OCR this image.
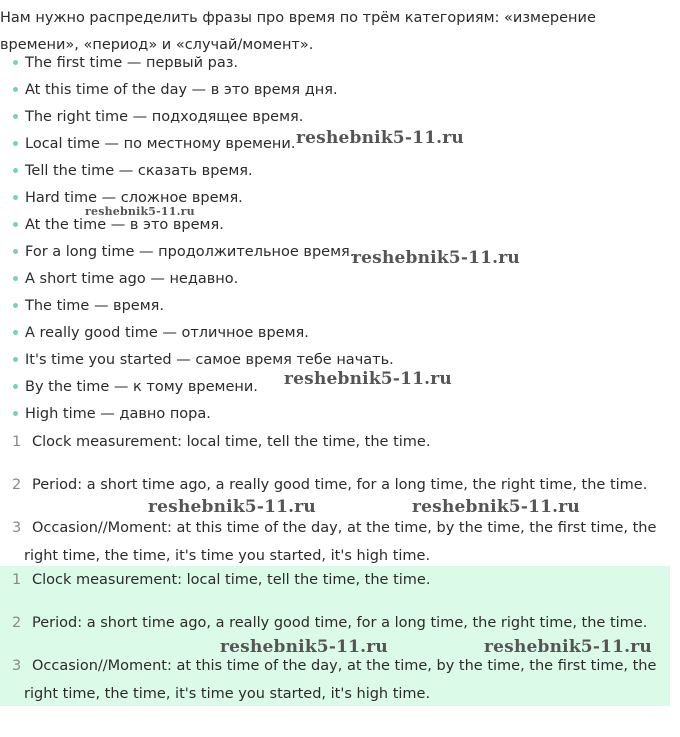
Нам нужно распределить фразы про время по трём категориям: «измерение времени», «период» и «случай/момент».

The first time — первый раз.
At this time of the day — в это время дня.
The right time — подходящее время.
Local time — по местному времени.
Tell the time — сказать время.
Hard time — сложное время.
At the time — в это время.
For a long time — продолжительное время.
A short time ago — недавно.
The time — время.
A really good time — отличное время.
It's time you started — самое время тебе начать.
By the time — к тому времени.
High time — давно пора.
1 Clock measurement: local time, tell the time, the time.
2 Period: a short time ago, a really good time, for a long time, the right time, the time.
3 Occasion//Moment: at this time of the day, at the time, by the time, the first time, the
right time, the time, it's time you started, it's high time.
1 Clock measurement: local time, tell the time, the time.
2 Period: a short time ago, a really good time, for a long time, the right time, the time.
3 Occasion//Moment: at this time of the day, at the time, by the time, the first time, the
right time, the time, it's time you started, it's high time.
reshebnik5-11.ru
reshebnik5-11.ru
reshebnik5-11.ru
reshebnik5-11.ru
reshebnik5-11.ru	reshebnik5-11.ru
reshebnik5-11.ru	reshebnik5-11.ru
